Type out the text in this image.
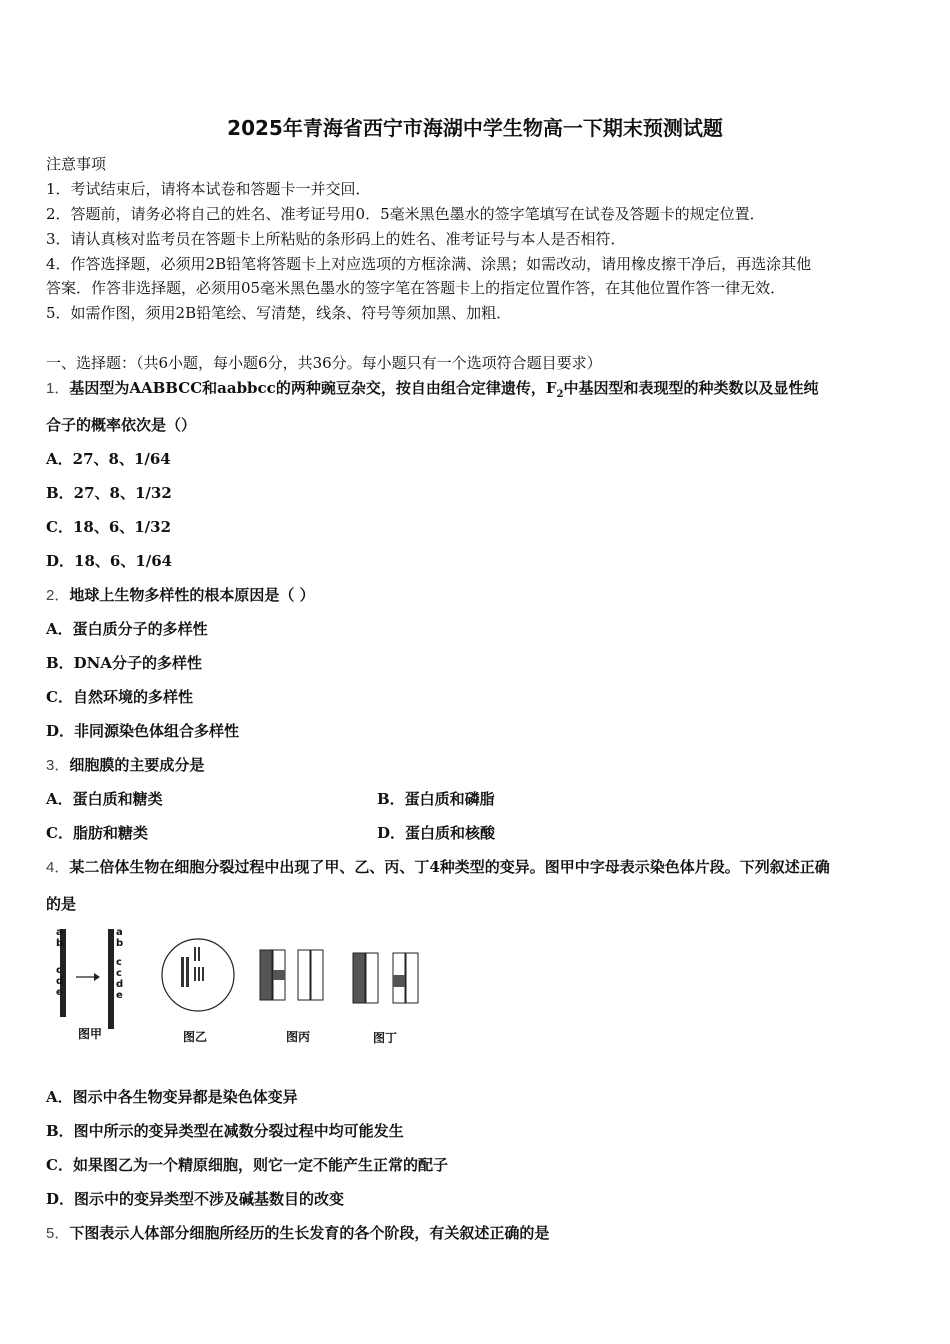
2025年青海省西宁市海湖中学生物高一下期末预测试题
注意事项
1．考试结束后，请将本试卷和答题卡一并交回．
2．答题前，请务必将自己的姓名、准考证号用0．5毫米黑色墨水的签字笔填写在试卷及答题卡的规定位置．
3．请认真核对监考员在答题卡上所粘贴的条形码上的姓名、准考证号与本人是否相符．
4．作答选择题，必须用2B铅笔将答题卡上对应选项的方框涂满、涂黑；如需改动，请用橡皮擦干净后，再选涂其他
答案．作答非选择题，必须用05毫米黑色墨水的签字笔在答题卡上的指定位置作答，在其他位置作答一律无效．
5．如需作图，须用2B铅笔绘、写清楚，线条、符号等须加黑、加粗．
一、选择题：（共6小题，每小题6分，共36分。每小题只有一个选项符合题目要求）
1．基因型为AABBCC和aabbcc的两种豌豆杂交，按自由组合定律遗传，$F_2$中基因型和表现型的种类数以及显性纯
合子的概率依次是（）
A．27、8、1/64
B．27、8、1/32
C．18、6、1/32
D．18、6、1/64
2．地球上生物多样性的根本原因是（ ）
A．蛋白质分子的多样性
B．DNA分子的多样性
C．自然环境的多样性
D．非同源染色体组合多样性
3．细胞膜的主要成分是
A．蛋白质和糖类	B．蛋白质和磷脂
C．脂肪和糖类	D．蛋白质和核酸
4．某二倍体生物在细胞分裂过程中出现了甲、乙、丙、丁4种类型的变异。图甲中字母表示染色体片段。下列叙述正确
的是
a
b
c
d
e
a
b
c
c
d
e
图甲	图乙	图丙	图丁
A．图示中各生物变异都是染色体变异
B．图中所示的变异类型在减数分裂过程中均可能发生
C．如果图乙为一个精原细胞，则它一定不能产生正常的配子
D．图示中的变异类型不涉及碱基数目的改变
5．下图表示人体部分细胞所经历的生长发育的各个阶段，有关叙述正确的是
